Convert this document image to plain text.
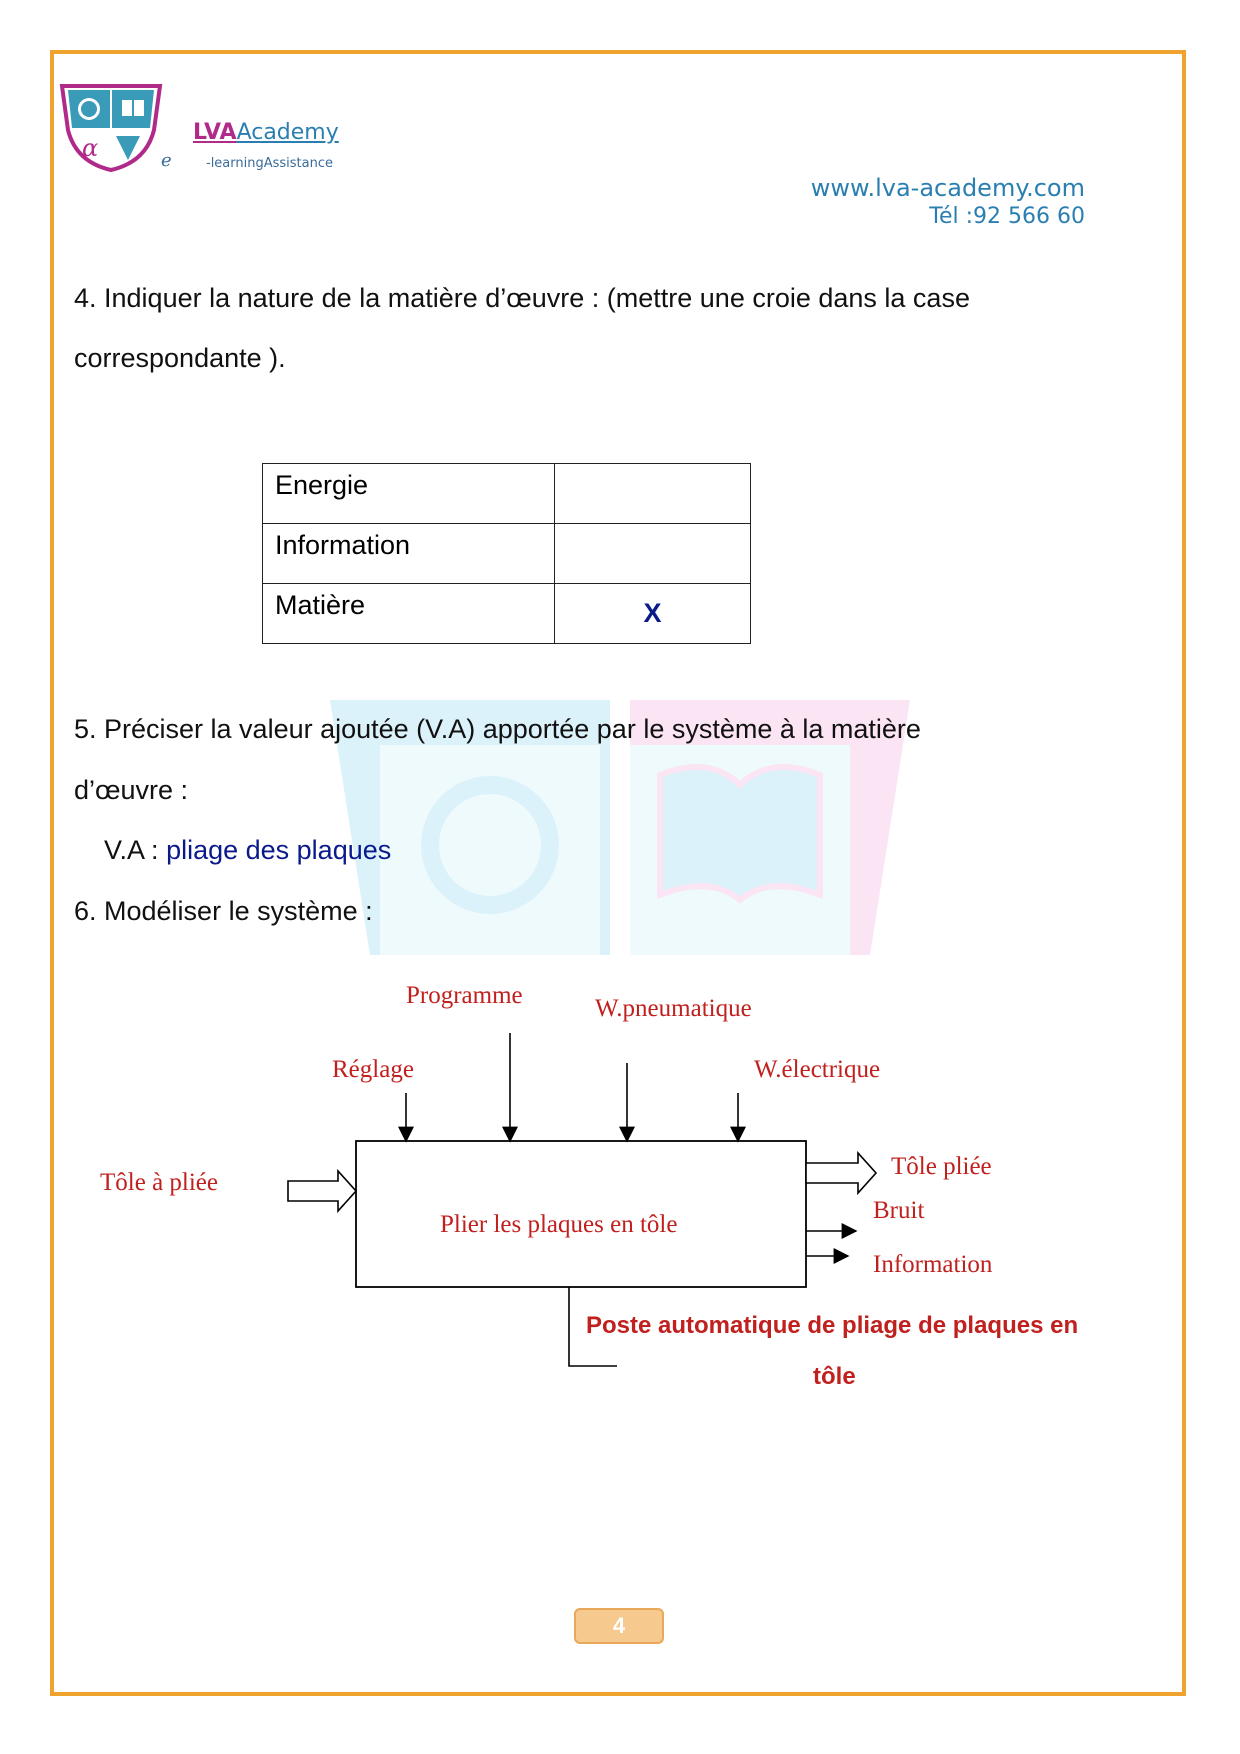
α	e
LVAAcademy
-learningAssistance
www.lva-academy.com
Tél :92 566 60
4. Indiquer la nature de la matière d’œuvre : (mettre une croie dans la case
correspondante ).
Energie	
Information	
Matière	X
5. Préciser la valeur ajoutée (V.A) apportée par le système à la matière
d’œuvre :
V.A : pliage des plaques
6. Modéliser le système :
Programme	W.pneumatique
Réglage	W.électrique
Tôle à pliée
Plier les plaques en tôle
Tôle pliée
Bruit
Information
Poste automatique de pliage de plaques en
tôle
4
